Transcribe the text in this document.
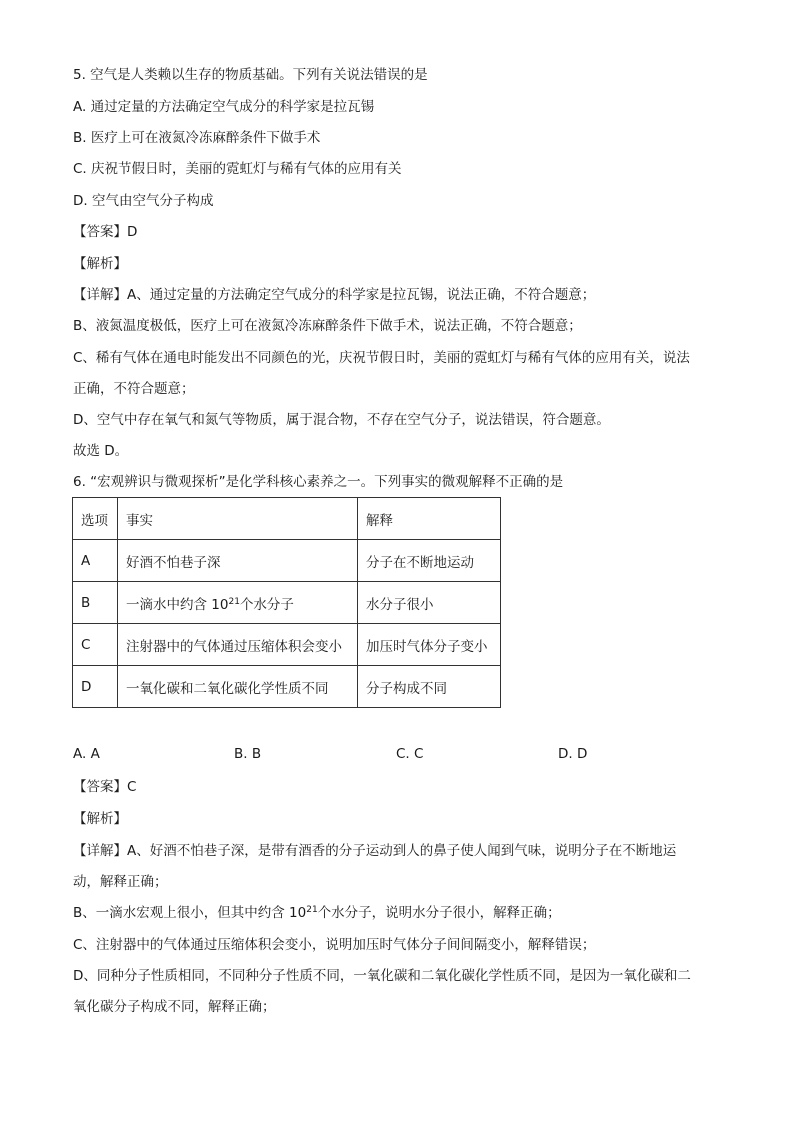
5. 空气是人类赖以生存的物质基础。下列有关说法错误的是
A. 通过定量的方法确定空气成分的科学家是拉瓦锡
B. 医疗上可在液氮冷冻麻醉条件下做手术
C. 庆祝节假日时，美丽的霓虹灯与稀有气体的应用有关
D. 空气由空气分子构成
【答案】D
【解析】
【详解】A、通过定量的方法确定空气成分的科学家是拉瓦锡，说法正确，不符合题意；
B、液氮温度极低，医疗上可在液氮冷冻麻醉条件下做手术，说法正确，不符合题意；
C、稀有气体在通电时能发出不同颜色的光，庆祝节假日时，美丽的霓虹灯与稀有气体的应用有关，说法
正确，不符合题意；
D、空气中存在氧气和氮气等物质，属于混合物，不存在空气分子，说法错误，符合题意。
故选 D。
6. “宏观辨识与微观探析”是化学科核心素养之一。下列事实的微观解释不正确的是
选项	事实	解释
A	好酒不怕巷子深	分子在不断地运动
B	一滴水中约含 $10^{21}$个水分子	水分子很小
C	注射器中的气体通过压缩体积会变小	加压时气体分子变小
D	一氧化碳和二氧化碳化学性质不同	分子构成不同
A. A	B. B	C. C	D. D
【答案】C
【解析】
【详解】A、好酒不怕巷子深，是带有酒香的分子运动到人的鼻子使人闻到气味，说明分子在不断地运
动，解释正确；
B、一滴水宏观上很小，但其中约含 $10^{21}$个水分子，说明水分子很小，解释正确；
C、注射器中的气体通过压缩体积会变小，说明加压时气体分子间间隔变小，解释错误；
D、同种分子性质相同，不同种分子性质不同，一氧化碳和二氧化碳化学性质不同，是因为一氧化碳和二
氧化碳分子构成不同，解释正确；
